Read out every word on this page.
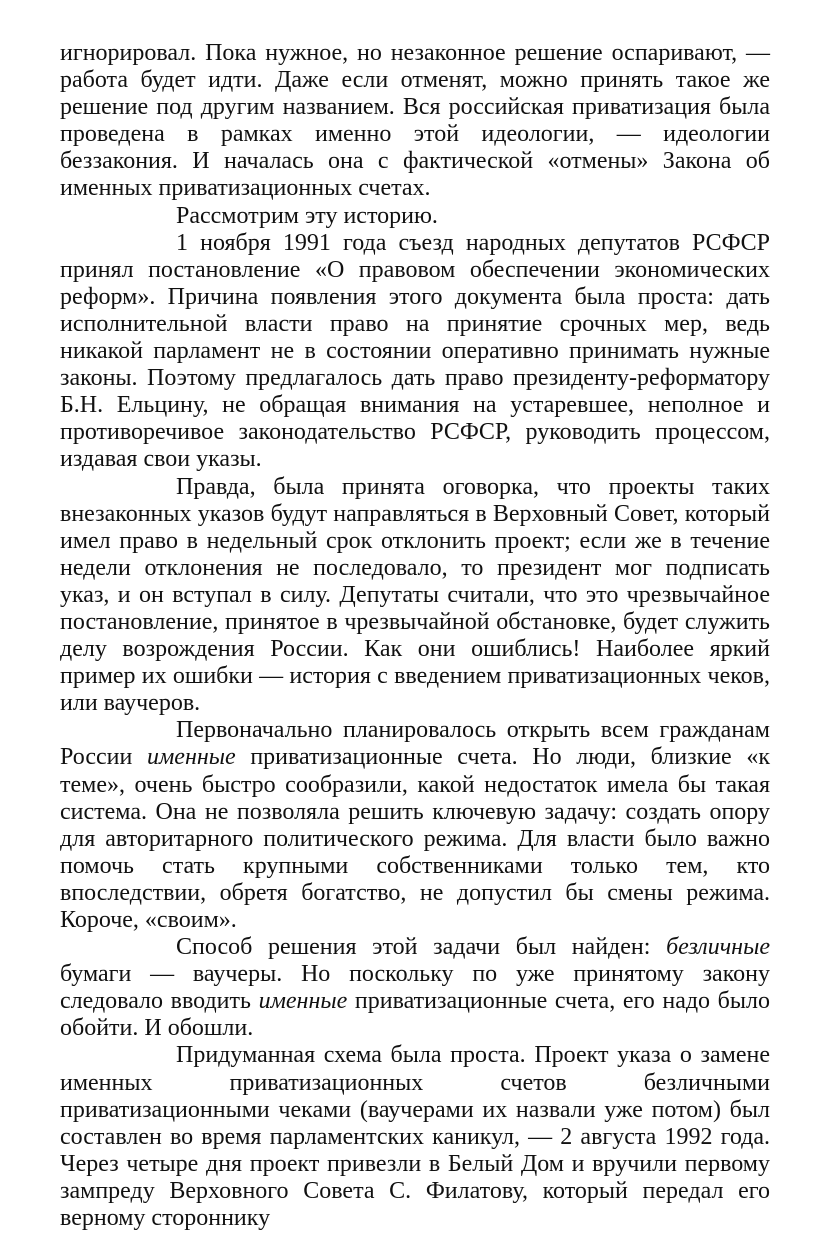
игнорировал. Пока нужное, но незаконное решение оспаривают, — работа будет идти. Даже если отменят, можно принять такое же решение под другим названием. Вся российская приватизация была проведена в рамках именно этой идеологии, — идеологии беззакония. И началась она с фактической «отмены» Закона об именных приватизационных счетах.

Рассмотрим эту историю.

1 ноября 1991 года съезд народных депутатов РСФСР принял постановление «О правовом обеспечении экономических реформ». Причина появления этого документа была проста: дать исполнительной власти право на принятие срочных мер, ведь никакой парламент не в состоянии оперативно принимать нужные законы. Поэтому предлагалось дать право президенту-реформатору Б.Н. Ельцину, не обращая внимания на устаревшее, неполное и противоречивое законодательство РСФСР, руководить процессом, издавая свои указы.

Правда, была принята оговорка, что проекты таких внезаконных указов будут направляться в Верховный Совет, который имел право в недельный срок отклонить проект; если же в течение недели отклонения не последовало, то президент мог подписать указ, и он вступал в силу. Депутаты считали, что это чрезвычайное постановление, принятое в чрезвычайной обстановке, будет служить делу возрождения России. Как они ошиблись! Наиболее яркий пример их ошибки — история с введением приватизационных чеков, или ваучеров.

Первоначально планировалось открыть всем гражданам России именные приватизационные счета. Но люди, близкие «к теме», очень быстро сообразили, какой недостаток имела бы такая система. Она не позволяла решить ключевую задачу: создать опору для авторитарного политического режима. Для власти было важно помочь стать крупными собственниками только тем, кто впоследствии, обретя богатство, не допустил бы смены режима. Короче, «своим».

Способ решения этой задачи был найден: безличные бумаги — ваучеры. Но поскольку по уже принятому закону следовало вводить именные приватизационные счета, его надо было обойти. И обошли.

Придуманная схема была проста. Проект указа о замене именных приватизационных счетов безличными приватизационными чеками (ваучерами их назвали уже потом) был составлен во время парламентских каникул, — 2 августа 1992 года. Через четыре дня проект привезли в Белый Дом и вручили первому зампреду Верховного Совета С. Филатову, который передал его верному стороннику
